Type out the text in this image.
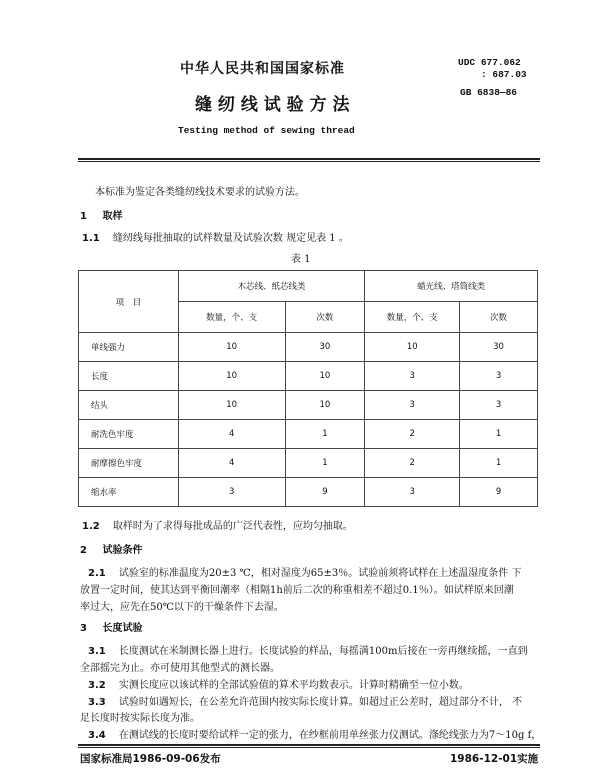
中华人民共和国国家标准
缝 纫 线 试 验 方 法
Testing method of sewing thread
UDC 677.062
: 687.03
GB 6838—86
本标准为鉴定各类缝纫线技术要求的试验方法。
1 取样
1.1 缝纫线每批抽取的试样数量及试验次数 规定见表 1 。
表 1
项　目	木芯线、纸芯线类		蜡光线、塔筒线类	
	数量，个、支	次数	数量，个、支	次数
单线强力	10	30	10	30
长度	10	10	3	3
结头	10	10	3	3
耐洗色牢度	4	1	2	1
耐摩擦色牢度	4	1	2	1
缩水率	3	9	3	9
1.2 取样时为了求得每批成品的广泛代表性，应均匀抽取。
2 试验条件
2.1 试验室的标准温度为20±3 ℃，相对湿度为65±3％。试验前须将试样在上述温湿度条件 下
放置一定时间，使其达到平衡回潮率（相隔1h前后二次的称重相差不超过0.1％）。如试样原来回潮
率过大，应先在50℃以下的干燥条件下去湿。
3 长度试验
3.1 长度测试在米制测长器上进行。长度试验的样品，每摇满100m后接在一旁再继续摇，一直到
全部摇完为止。亦可使用其他型式的测长器。
3.2 实测长度应以该试样的全部试验值的算术平均数表示。计算时精确至一位小数。
3.3 试验时如遇短长，在公差允许范围内按实际长度计算。如超过正公差时，超过部分不计， 不
足长度时按实际长度为准。
3.4 在测试线的长度时要给试样一定的张力，在纱框前用单丝张力仪测试。涤纶线张力为7～10g f，
国家标准局1986-09-06发布	1986-12-01实施
